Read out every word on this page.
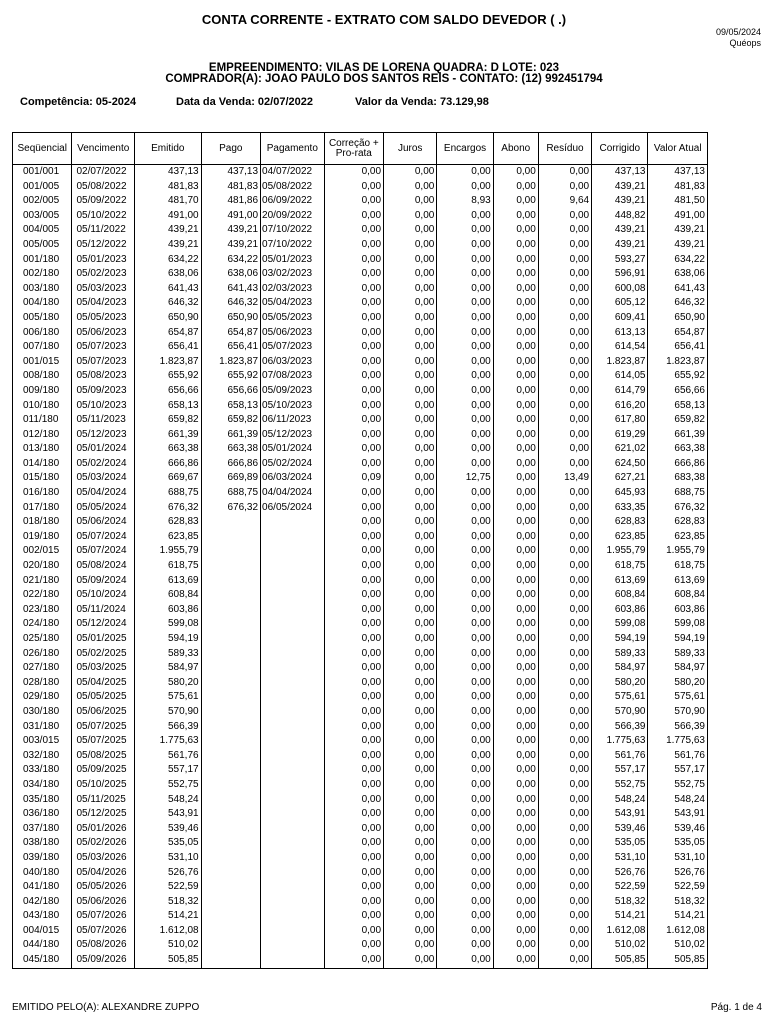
CONTA CORRENTE - EXTRATO COM SALDO DEVEDOR ( .)
09/05/2024
Quéops
EMPREENDIMENTO: VILAS DE LORENA QUADRA: D LOTE: 023
COMPRADOR(A): JOAO PAULO DOS SANTOS REIS - CONTATO: (12) 992451794
Competência: 05-2024	Data da Venda: 02/07/2022	Valor da Venda: 73.129,98
Seqüencial	Vencimento	Emitido	Pago	Pagamento	Correção + Pro-rata	Juros	Encargos	Abono	Resíduo	Corrigido	Valor Atual
001/001	02/07/2022	437,13	437,13	04/07/2022	0,00	0,00	0,00	0,00	0,00	437,13	437,13
001/005	05/08/2022	481,83	481,83	05/08/2022	0,00	0,00	0,00	0,00	0,00	439,21	481,83
002/005	05/09/2022	481,70	481,86	06/09/2022	0,00	0,00	8,93	0,00	9,64	439,21	481,50
003/005	05/10/2022	491,00	491,00	20/09/2022	0,00	0,00	0,00	0,00	0,00	448,82	491,00
004/005	05/11/2022	439,21	439,21	07/10/2022	0,00	0,00	0,00	0,00	0,00	439,21	439,21
005/005	05/12/2022	439,21	439,21	07/10/2022	0,00	0,00	0,00	0,00	0,00	439,21	439,21
001/180	05/01/2023	634,22	634,22	05/01/2023	0,00	0,00	0,00	0,00	0,00	593,27	634,22
002/180	05/02/2023	638,06	638,06	03/02/2023	0,00	0,00	0,00	0,00	0,00	596,91	638,06
003/180	05/03/2023	641,43	641,43	02/03/2023	0,00	0,00	0,00	0,00	0,00	600,08	641,43
004/180	05/04/2023	646,32	646,32	05/04/2023	0,00	0,00	0,00	0,00	0,00	605,12	646,32
005/180	05/05/2023	650,90	650,90	05/05/2023	0,00	0,00	0,00	0,00	0,00	609,41	650,90
006/180	05/06/2023	654,87	654,87	05/06/2023	0,00	0,00	0,00	0,00	0,00	613,13	654,87
007/180	05/07/2023	656,41	656,41	05/07/2023	0,00	0,00	0,00	0,00	0,00	614,54	656,41
001/015	05/07/2023	1.823,87	1.823,87	06/03/2023	0,00	0,00	0,00	0,00	0,00	1.823,87	1.823,87
008/180	05/08/2023	655,92	655,92	07/08/2023	0,00	0,00	0,00	0,00	0,00	614,05	655,92
009/180	05/09/2023	656,66	656,66	05/09/2023	0,00	0,00	0,00	0,00	0,00	614,79	656,66
010/180	05/10/2023	658,13	658,13	05/10/2023	0,00	0,00	0,00	0,00	0,00	616,20	658,13
011/180	05/11/2023	659,82	659,82	06/11/2023	0,00	0,00	0,00	0,00	0,00	617,80	659,82
012/180	05/12/2023	661,39	661,39	05/12/2023	0,00	0,00	0,00	0,00	0,00	619,29	661,39
013/180	05/01/2024	663,38	663,38	05/01/2024	0,00	0,00	0,00	0,00	0,00	621,02	663,38
014/180	05/02/2024	666,86	666,86	05/02/2024	0,00	0,00	0,00	0,00	0,00	624,50	666,86
015/180	05/03/2024	669,67	669,89	06/03/2024	0,09	0,00	12,75	0,00	13,49	627,21	683,38
016/180	05/04/2024	688,75	688,75	04/04/2024	0,00	0,00	0,00	0,00	0,00	645,93	688,75
017/180	05/05/2024	676,32	676,32	06/05/2024	0,00	0,00	0,00	0,00	0,00	633,35	676,32
018/180	05/06/2024	628,83			0,00	0,00	0,00	0,00	0,00	628,83	628,83
019/180	05/07/2024	623,85			0,00	0,00	0,00	0,00	0,00	623,85	623,85
002/015	05/07/2024	1.955,79			0,00	0,00	0,00	0,00	0,00	1.955,79	1.955,79
020/180	05/08/2024	618,75			0,00	0,00	0,00	0,00	0,00	618,75	618,75
021/180	05/09/2024	613,69			0,00	0,00	0,00	0,00	0,00	613,69	613,69
022/180	05/10/2024	608,84			0,00	0,00	0,00	0,00	0,00	608,84	608,84
023/180	05/11/2024	603,86			0,00	0,00	0,00	0,00	0,00	603,86	603,86
024/180	05/12/2024	599,08			0,00	0,00	0,00	0,00	0,00	599,08	599,08
025/180	05/01/2025	594,19			0,00	0,00	0,00	0,00	0,00	594,19	594,19
026/180	05/02/2025	589,33			0,00	0,00	0,00	0,00	0,00	589,33	589,33
027/180	05/03/2025	584,97			0,00	0,00	0,00	0,00	0,00	584,97	584,97
028/180	05/04/2025	580,20			0,00	0,00	0,00	0,00	0,00	580,20	580,20
029/180	05/05/2025	575,61			0,00	0,00	0,00	0,00	0,00	575,61	575,61
030/180	05/06/2025	570,90			0,00	0,00	0,00	0,00	0,00	570,90	570,90
031/180	05/07/2025	566,39			0,00	0,00	0,00	0,00	0,00	566,39	566,39
003/015	05/07/2025	1.775,63			0,00	0,00	0,00	0,00	0,00	1.775,63	1.775,63
032/180	05/08/2025	561,76			0,00	0,00	0,00	0,00	0,00	561,76	561,76
033/180	05/09/2025	557,17			0,00	0,00	0,00	0,00	0,00	557,17	557,17
034/180	05/10/2025	552,75			0,00	0,00	0,00	0,00	0,00	552,75	552,75
035/180	05/11/2025	548,24			0,00	0,00	0,00	0,00	0,00	548,24	548,24
036/180	05/12/2025	543,91			0,00	0,00	0,00	0,00	0,00	543,91	543,91
037/180	05/01/2026	539,46			0,00	0,00	0,00	0,00	0,00	539,46	539,46
038/180	05/02/2026	535,05			0,00	0,00	0,00	0,00	0,00	535,05	535,05
039/180	05/03/2026	531,10			0,00	0,00	0,00	0,00	0,00	531,10	531,10
040/180	05/04/2026	526,76			0,00	0,00	0,00	0,00	0,00	526,76	526,76
041/180	05/05/2026	522,59			0,00	0,00	0,00	0,00	0,00	522,59	522,59
042/180	05/06/2026	518,32			0,00	0,00	0,00	0,00	0,00	518,32	518,32
043/180	05/07/2026	514,21			0,00	0,00	0,00	0,00	0,00	514,21	514,21
004/015	05/07/2026	1.612,08			0,00	0,00	0,00	0,00	0,00	1.612,08	1.612,08
044/180	05/08/2026	510,02			0,00	0,00	0,00	0,00	0,00	510,02	510,02
045/180	05/09/2026	505,85			0,00	0,00	0,00	0,00	0,00	505,85	505,85
EMITIDO PELO(A): ALEXANDRE ZUPPO	Pág. 1 de 4
